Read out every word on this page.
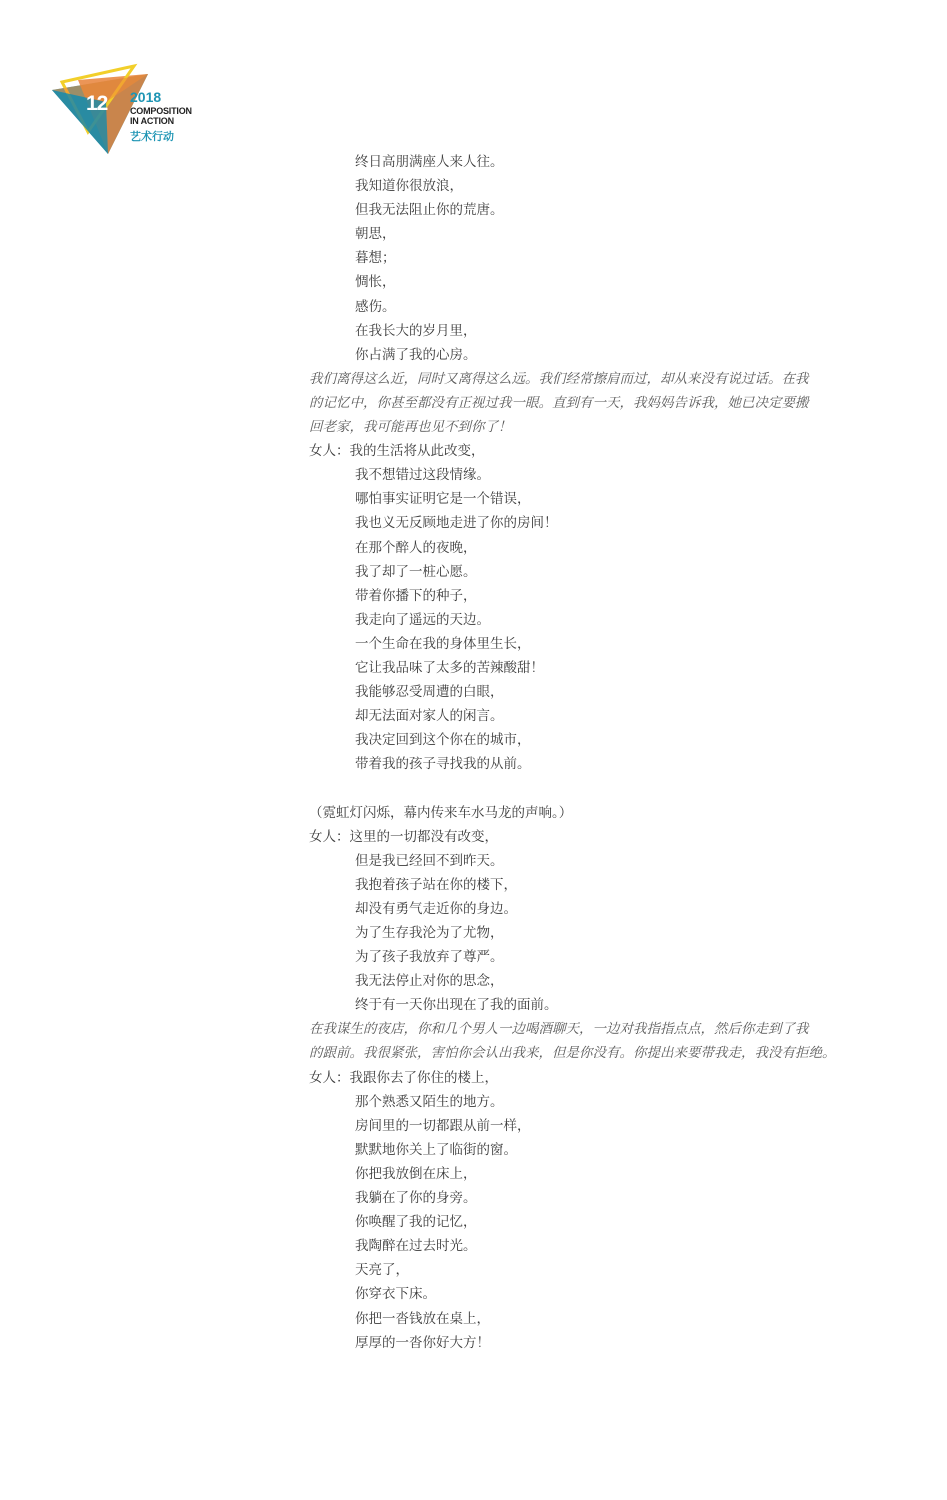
12 2018
COMPOSITION
IN ACTION
艺术行动
终日高朋满座人来人往。
我知道你很放浪，
但我无法阻止你的荒唐。
朝思，
暮想；
惆怅，
感伤。
在我长大的岁月里，
你占满了我的心房。
我们离得这么近，同时又离得这么远。我们经常擦肩而过，却从来没有说过话。在我
的记忆中，你甚至都没有正视过我一眼。直到有一天，我妈妈告诉我，她已决定要搬
回老家，我可能再也见不到你了！
女人：我的生活将从此改变，
我不想错过这段情缘。
哪怕事实证明它是一个错误，
我也义无反顾地走进了你的房间！
在那个醉人的夜晚，
我了却了一桩心愿。
带着你播下的种子，
我走向了遥远的天边。
一个生命在我的身体里生长，
它让我品味了太多的苦辣酸甜！
我能够忍受周遭的白眼，
却无法面对家人的闲言。
我决定回到这个你在的城市，
带着我的孩子寻找我的从前。
（霓虹灯闪烁，幕内传来车水马龙的声响。）
女人：这里的一切都没有改变，
但是我已经回不到昨天。
我抱着孩子站在你的楼下，
却没有勇气走近你的身边。
为了生存我沦为了尤物，
为了孩子我放弃了尊严。
我无法停止对你的思念，
终于有一天你出现在了我的面前。
在我谋生的夜店，你和几个男人一边喝酒聊天，一边对我指指点点，然后你走到了我
的跟前。我很紧张，害怕你会认出我来，但是你没有。你提出来要带我走，我没有拒绝。
女人：我跟你去了你住的楼上，
那个熟悉又陌生的地方。
房间里的一切都跟从前一样，
默默地你关上了临街的窗。
你把我放倒在床上，
我躺在了你的身旁。
你唤醒了我的记忆，
我陶醉在过去时光。
天亮了，
你穿衣下床。
你把一沓钱放在桌上，
厚厚的一沓你好大方！
